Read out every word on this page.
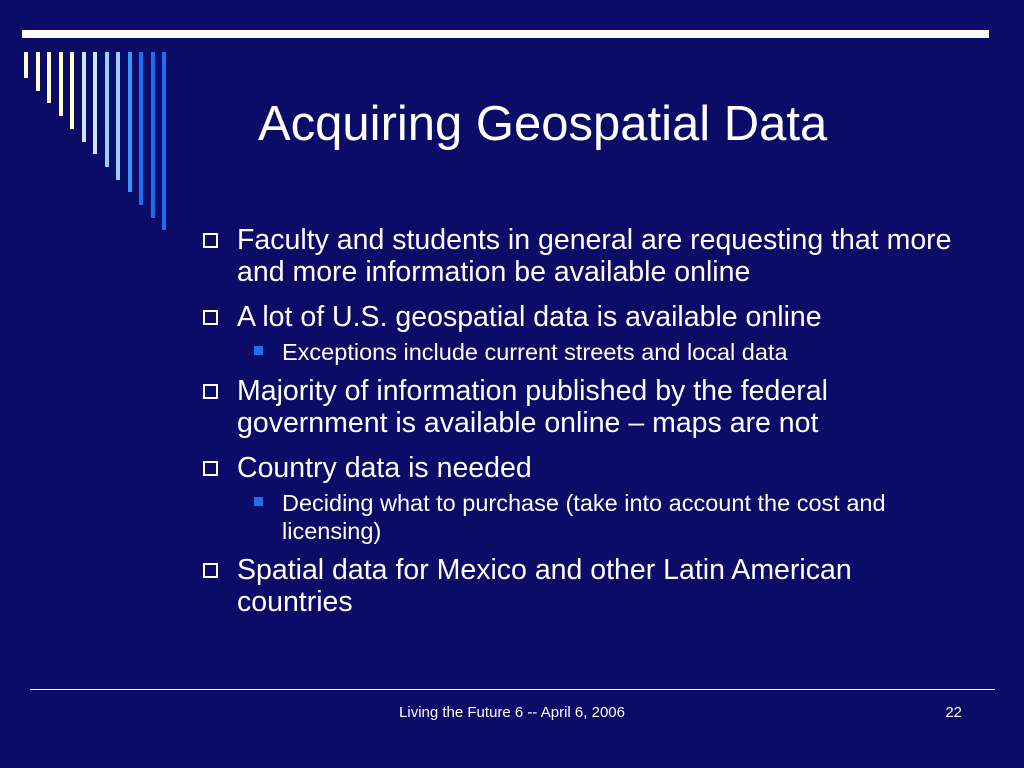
Acquiring Geospatial Data
Faculty and students in general are requesting that more and more information be available online
A lot of U.S. geospatial data is available online
Exceptions include current streets and local data
Majority of information published by the federal government is available online – maps are not
Country data is needed
Deciding what to purchase (take into account the cost and licensing)
Spatial data for Mexico and other Latin American countries
Living the Future 6 -- April 6, 2006	22
